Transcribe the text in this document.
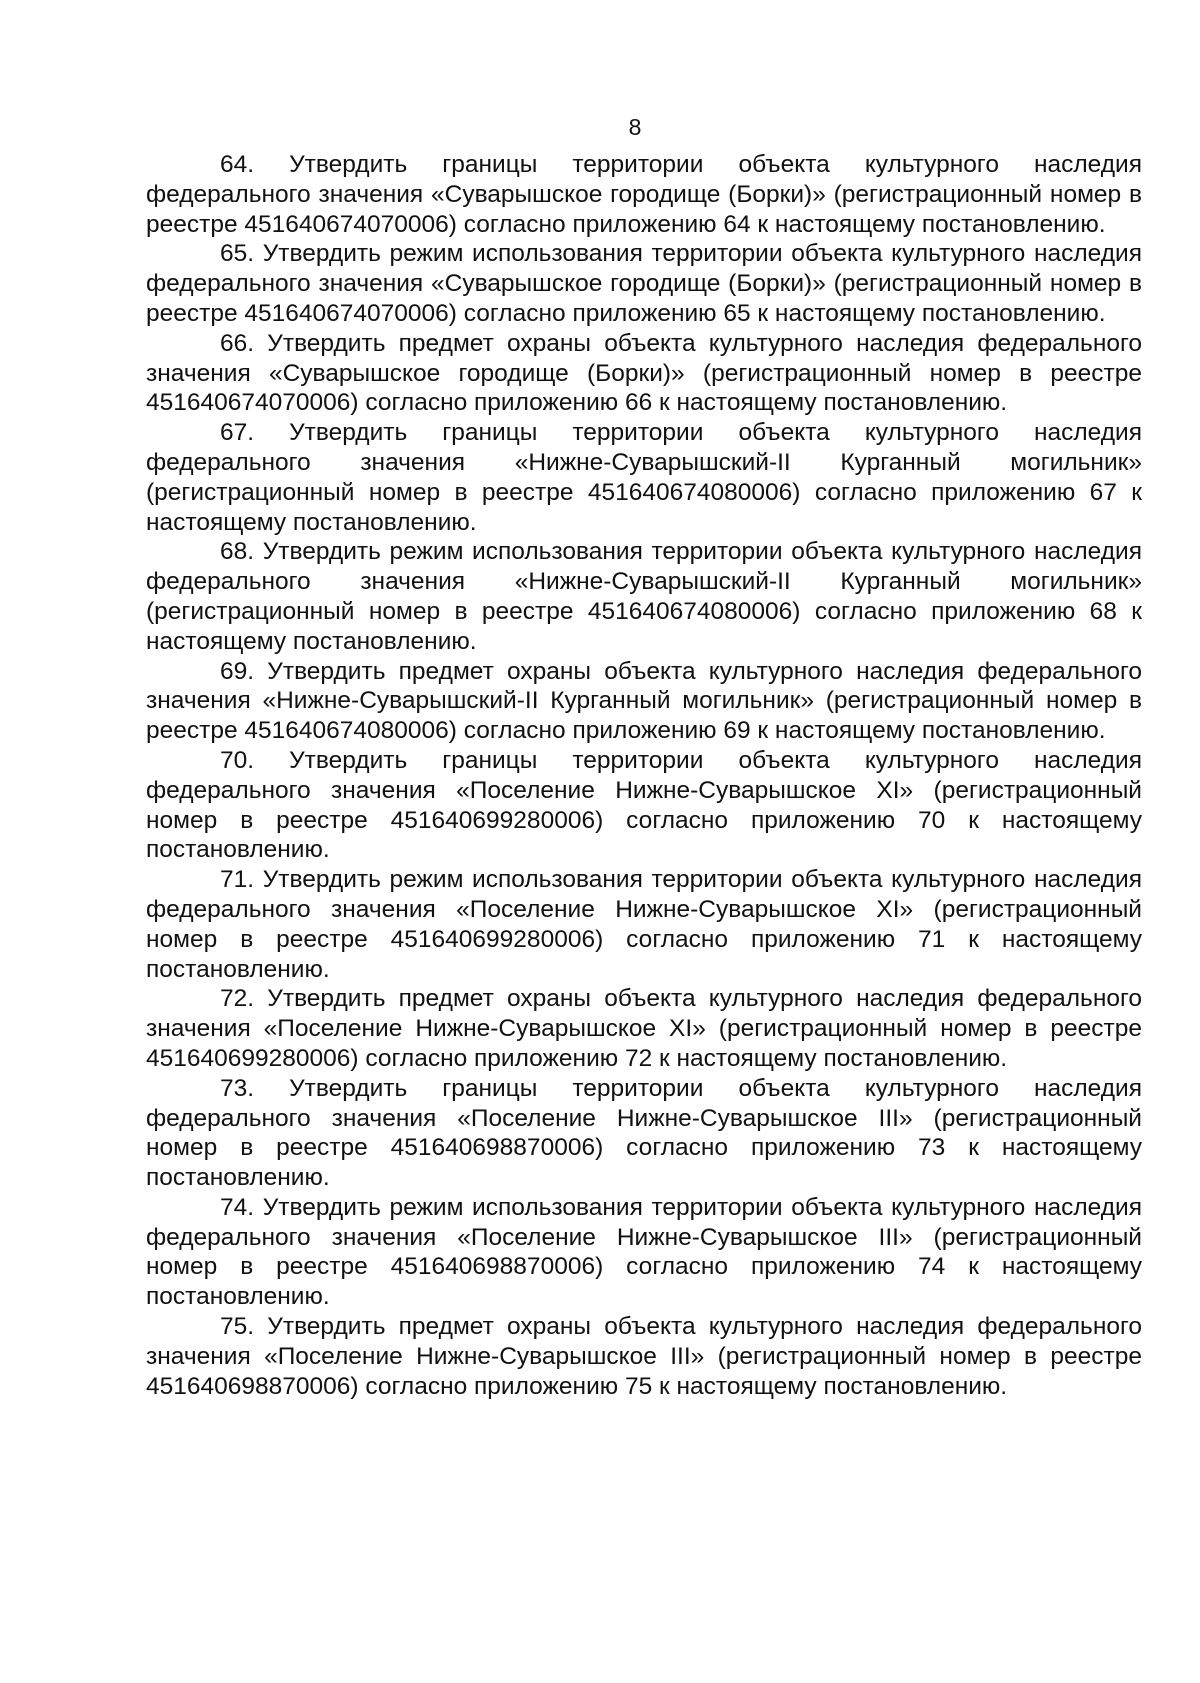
8

64. Утвердить границы территории объекта культурного наследия федерального значения «Суварышское городище (Борки)» (регистрационный номер в реестре 451640674070006) согласно приложению 64 к настоящему постановлению.

65. Утвердить режим использования территории объекта культурного наследия федерального значения «Суварышское городище (Борки)» (регистрационный номер в реестре 451640674070006) согласно приложению 65 к настоящему постановлению.

66. Утвердить предмет охраны объекта культурного наследия федерального значения «Суварышское городище (Борки)» (регистрационный номер в реестре 451640674070006) согласно приложению 66 к настоящему постановлению.

67. Утвердить границы территории объекта культурного наследия федерального значения «Нижне-Суварышский-II Курганный могильник» (регистрационный номер в реестре 451640674080006) согласно приложению 67 к настоящему постановлению.

68. Утвердить режим использования территории объекта культурного наследия федерального значения «Нижне-Суварышский-II Курганный могильник» (регистрационный номер в реестре 451640674080006) согласно приложению 68 к настоящему постановлению.

69. Утвердить предмет охраны объекта культурного наследия федерального значения «Нижне-Суварышский-II Курганный могильник» (регистрационный номер в реестре 451640674080006) согласно приложению 69 к настоящему постановлению.

70. Утвердить границы территории объекта культурного наследия федерального значения «Поселение Нижне-Суварышское XI» (регистрационный номер в реестре 451640699280006) согласно приложению 70 к настоящему постановлению.

71. Утвердить режим использования территории объекта культурного наследия федерального значения «Поселение Нижне-Суварышское XI» (регистрационный номер в реестре 451640699280006) согласно приложению 71 к настоящему постановлению.

72. Утвердить предмет охраны объекта культурного наследия федерального значения «Поселение Нижне-Суварышское XI» (регистрационный номер в реестре 451640699280006) согласно приложению 72 к настоящему постановлению.

73. Утвердить границы территории объекта культурного наследия федерального значения «Поселение Нижне-Суварышское III» (регистрационный номер в реестре 451640698870006) согласно приложению 73 к настоящему постановлению.

74. Утвердить режим использования территории объекта культурного наследия федерального значения «Поселение Нижне-Суварышское III» (регистрационный номер в реестре 451640698870006) согласно приложению 74 к настоящему постановлению.

75. Утвердить предмет охраны объекта культурного наследия федерального значения «Поселение Нижне-Суварышское III» (регистрационный номер в реестре 451640698870006) согласно приложению 75 к настоящему постановлению.
